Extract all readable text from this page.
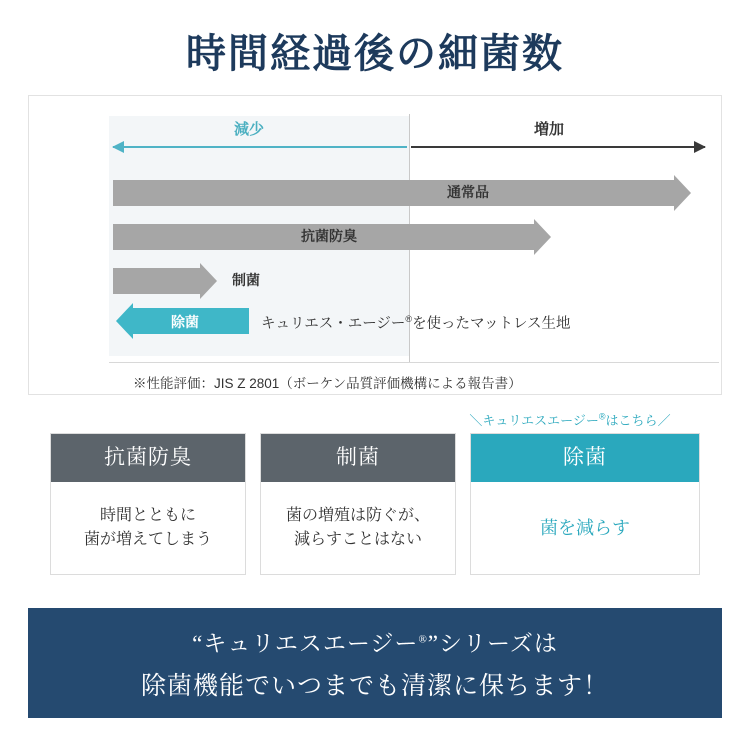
時間経過後の細菌数
減少	増加
通常品
抗菌防臭
制菌
除菌	キュリエス・エージー®を使ったマットレス生地
※性能評価：JIS Z 2801（ボーケン品質評価機構による報告書）
＼キュリエスエージー®はこちら／
抗菌防臭
時間とともに
菌が増えてしまう
制菌
菌の増殖は防ぐが、
減らすことはない
除菌
菌を減らす
“キュリエスエージー®”シリーズは
除菌機能でいつまでも清潔に保ちます！
